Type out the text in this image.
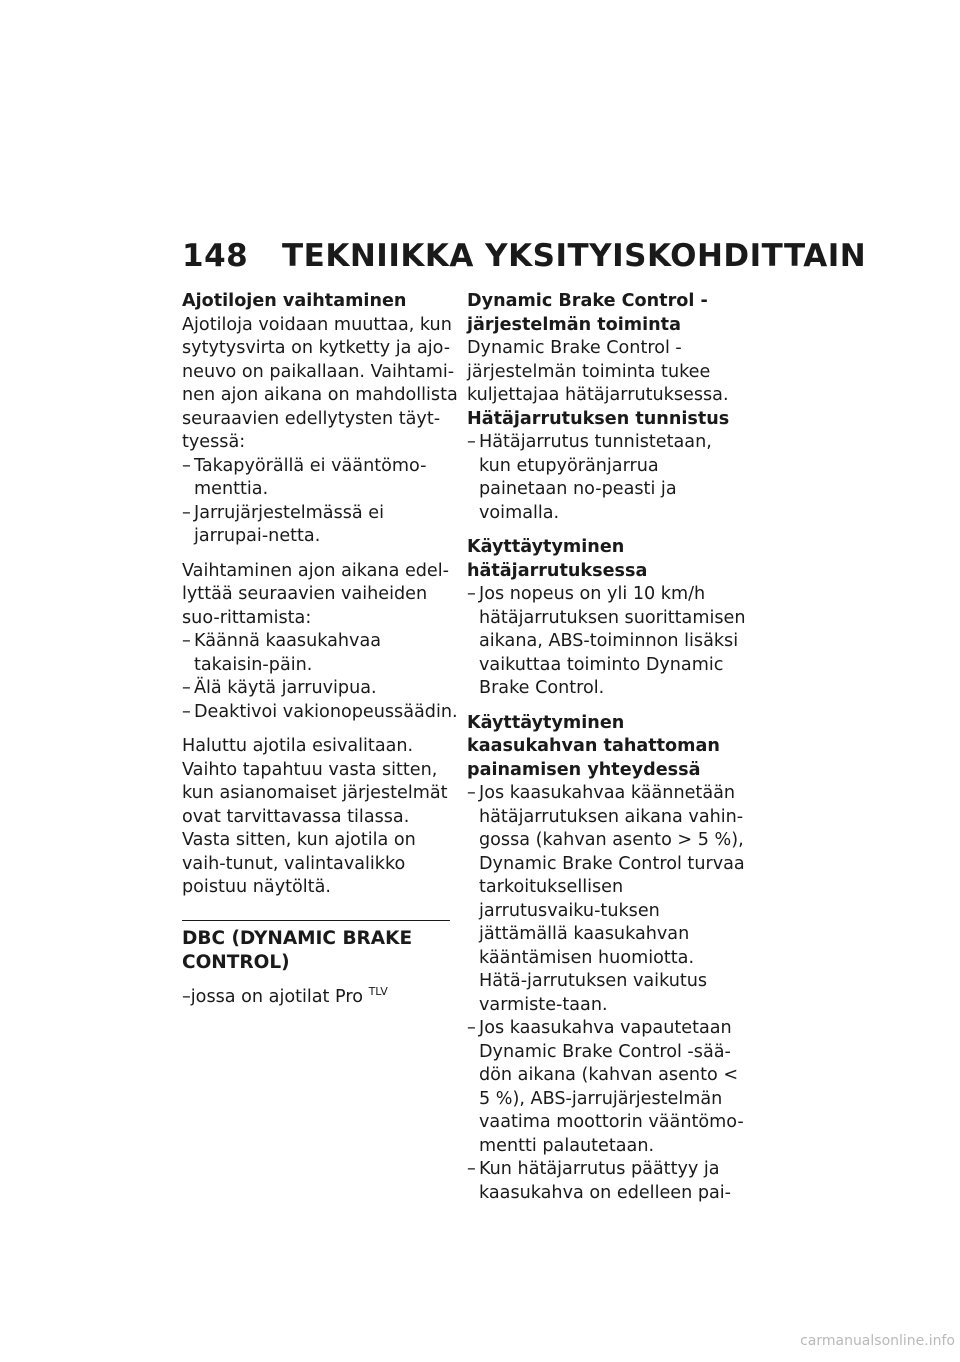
148 TEKNIIKKA YKSITYISKOHDITTAIN

Ajotilojen vaihtaminen

Ajotiloja voidaan muuttaa, kun sytytysvirta on kytketty ja ajo-neuvo on paikallaan. Vaihtami-nen ajon aikana on mahdollista seuraavien edellytysten täyt-tyessä:

– Takapyörällä ei vääntömo-menttia.

– Jarrujärjestelmässä ei jarrupai-netta.

Vaihtaminen ajon aikana edel-lyttää seuraavien vaiheiden suo-rittamista:

– Käännä kaasukahvaa takaisin-päin.

– Älä käytä jarruvipua.

– Deaktivoi vakionopeussäädin.

Haluttu ajotila esivalitaan.

Vaihto tapahtuu vasta sitten, kun asianomaiset järjestelmät ovat tarvittavassa tilassa.

Vasta sitten, kun ajotila on vaih-tunut, valintavalikko poistuu näytöltä.

DBC (DYNAMIC BRAKE CONTROL)

–jossa on ajotilat Pro $^{TLV}$

Dynamic Brake Control -järjestelmän toiminta

Dynamic Brake Control -järjestelmän toiminta tukee kuljettajaa hätäjarrutuksessa.

Hätäjarrutuksen tunnistus

– Hätäjarrutus tunnistetaan, kun etupyöränjarrua painetaan no-peasti ja voimalla.

Käyttäytyminen hätäjarrutuksessa

– Jos nopeus on yli 10 km/h hätäjarrutuksen suorittamisen aikana, ABS-toiminnon lisäksi vaikuttaa toiminto Dynamic Brake Control.

Käyttäytyminen kaasukahvan tahattoman painamisen yhteydessä

– Jos kaasukahvaa käännetään hätäjarrutuksen aikana vahin-gossa (kahvan asento > 5 %), Dynamic Brake Control turvaa tarkoituksellisen jarrutusvaiku-tuksen jättämällä kaasukahvan kääntämisen huomiotta. Hätä-jarrutuksen vaikutus varmiste-taan.

– Jos kaasukahva vapautetaan Dynamic Brake Control -sää-dön aikana (kahvan asento < 5 %), ABS-jarrujärjestelmän vaatima moottorin vääntömo-mentti palautetaan.

– Kun hätäjarrutus päättyy ja kaasukahva on edelleen pai-

carmanualsonline.info
